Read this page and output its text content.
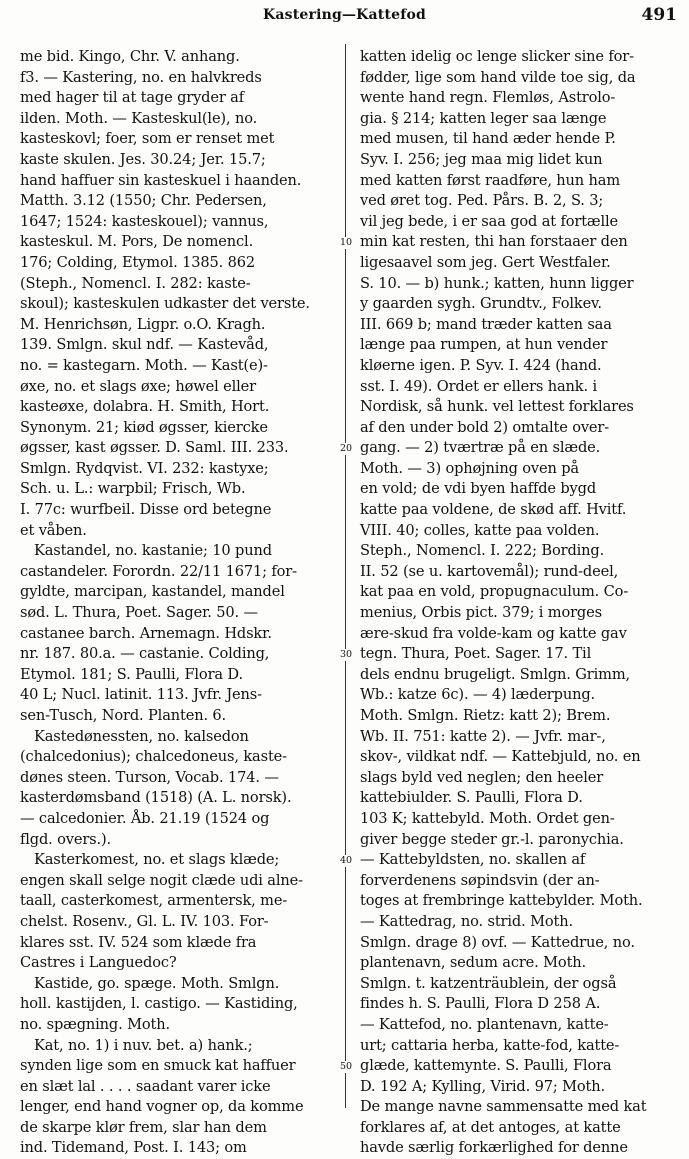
Kastering—Kattefod	491
me bid. Kingo, Chr. V. anhang.
f3. — Kastering, no. en halvkreds
med hager til at tage gryder af
ilden. Moth. — Kasteskul(le), no.
kasteskovl; foer, som er renset met
kaste skulen. Jes. 30.24; Jer. 15.7;
hand haffuer sin kasteskuel i haanden.
Matth. 3.12 (1550; Chr. Pedersen,
1647; 1524: kasteskouel); vannus,
kasteskul. M. Pors, De nomencl.
176; Colding, Etymol. 1385. 862
(Steph., Nomencl. I. 282: kaste-
skoul); kasteskulen udkaster det verste.
M. Henrichsøn, Ligpr. o.O. Kragh.
139. Smlgn. skul ndf. — Kastevåd,
no. = kastegarn. Moth. — Kast(e)-
øxe, no. et slags øxe; høwel eller
kasteøxe, dolabra. H. Smith, Hort.
Synonym. 21; kiød øgsser, kiercke
øgsser, kast øgsser. D. Saml. III. 233.
Smlgn. Rydqvist. VI. 232: kastyxe;
Sch. u. L.: warpbil; Frisch, Wb.
I. 77c: wurfbeil. Disse ord betegne
et våben.
Kastandel, no. kastanie; 10 pund
castandeler. Forordn. 22/11 1671; for-
gyldte, marcipan, kastandel, mandel
sød. L. Thura, Poet. Sager. 50. —
castanee barch. Arnemagn. Hdskr.
nr. 187. 80.a. — castanie. Colding,
Etymol. 181; S. Paulli, Flora D.
40 L; Nucl. latinit. 113. Jvfr. Jens-
sen-Tusch, Nord. Planten. 6.
Kastedønessten, no. kalsedon
(chalcedonius); chalcedoneus, kaste-
dønes steen. Turson, Vocab. 174. —
kasterdømsband (1518) (A. L. norsk).
— calcedonier. Åb. 21.19 (1524 og
flgd. overs.).
Kasterkomest, no. et slags klæde;
engen skall selge nogit clæde udi alne-
taall, casterkomest, armentersk, me-
chelst. Rosenv., Gl. L. IV. 103. For-
klares sst. IV. 524 som klæde fra
Castres i Languedoc?
Kastide, go. spæge. Moth. Smlgn.
holl. kastijden, l. castigo. — Kastiding,
no. spægning. Moth.
Kat, no. 1) i nuv. bet. a) hank.;
synden lige som en smuck kat haffuer
en slæt lal . . . . saadant varer icke
lenger, end hand vogner op, da komme
de skarpe klør frem, slar han dem
ind. Tidemand, Post. I. 143; om
katten idelig oc lenge slicker sine for-
fødder, lige som hand vilde toe sig, da
wente hand regn. Flemløs, Astrolo-
gia. § 214; katten leger saa længe
med musen, til hand æder hende P.
Syv. I. 256; jeg maa mig lidet kun
med katten først raadføre, hun ham
ved øret tog. Ped. Pårs. B. 2, S. 3;
vil jeg bede, i er saa god at fortælle
min kat resten, thi han forstaaer den
ligesaavel som jeg. Gert Westfaler.
S. 10. — b) hunk.; katten, hunn ligger
y gaarden sygh. Grundtv., Folkev.
III. 669 b; mand træder katten saa
længe paa rumpen, at hun vender
kløerne igen. P. Syv. I. 424 (hand.
sst. I. 49). Ordet er ellers hank. i
Nordisk, så hunk. vel lettest forklares
af den under bold 2) omtalte over-
gang. — 2) tværtræ på en slæde.
Moth. — 3) ophøjning oven på
en vold; de vdi byen haffde bygd
katte paa voldene, de skød aff. Hvitf.
VIII. 40; colles, katte paa volden.
Steph., Nomencl. I. 222; Bording.
II. 52 (se u. kartovemål); rund-deel,
kat paa en vold, propugnaculum. Co-
menius, Orbis pict. 379; i morges
ære-skud fra volde-kam og katte gav
tegn. Thura, Poet. Sager. 17. Til
dels endnu brugeligt. Smlgn. Grimm,
Wb.: katze 6c). — 4) læderpung.
Moth. Smlgn. Rietz: katt 2); Brem.
Wb. II. 751: katte 2). — Jvfr. mar-,
skov-, vildkat ndf. — Kattebjuld, no. en
slags byld ved neglen; den heeler
kattebiulder. S. Paulli, Flora D.
103 K; kattebyld. Moth. Ordet gen-
giver begge steder gr.-l. paronychia.
— Kattebyldsten, no. skallen af
forverdenens søpindsvin (der an-
toges at frembringe kattebylder. Moth.
— Kattedrag, no. strid. Moth.
Smlgn. drage 8) ovf. — Kattedrue, no.
plantenavn, sedum acre. Moth.
Smlgn. t. katzenträublein, der også
findes h. S. Paulli, Flora D 258 A.
— Kattefod, no. plantenavn, katte-
urt; cattaria herba, katte-fod, katte-
glæde, kattemynte. S. Paulli, Flora
D. 192 A; Kylling, Virid. 97; Moth.
De mange navne sammensatte med kat
forklares af, at det antoges, at katte
havde særlig forkærlighed for denne
10
20
30
40
50
